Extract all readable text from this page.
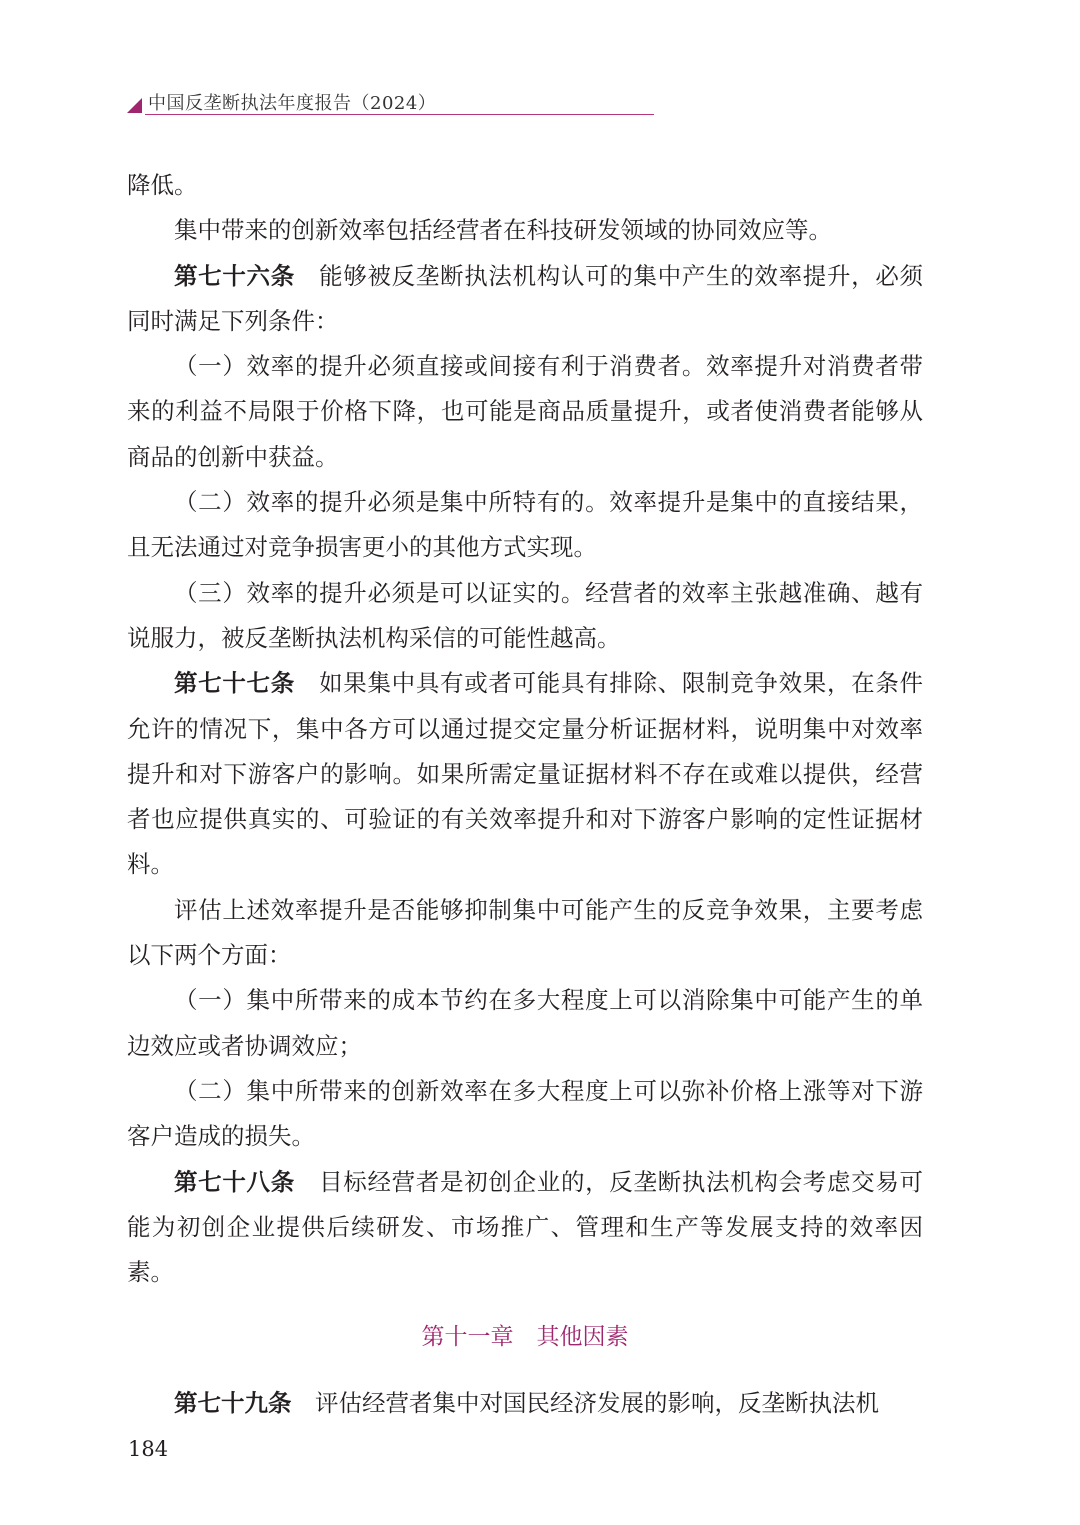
中国反垄断执法年度报告（2024）

降低。

集中带来的创新效率包括经营者在科技研发领域的协同效应等。

第七十六条 能够被反垄断执法机构认可的集中产生的效率提升，必须同时满足下列条件：

（一）效率的提升必须直接或间接有利于消费者。效率提升对消费者带来的利益不局限于价格下降，也可能是商品质量提升，或者使消费者能够从商品的创新中获益。

（二）效率的提升必须是集中所特有的。效率提升是集中的直接结果，且无法通过对竞争损害更小的其他方式实现。

（三）效率的提升必须是可以证实的。经营者的效率主张越准确、越有说服力，被反垄断执法机构采信的可能性越高。

第七十七条 如果集中具有或者可能具有排除、限制竞争效果，在条件允许的情况下，集中各方可以通过提交定量分析证据材料，说明集中对效率提升和对下游客户的影响。如果所需定量证据材料不存在或难以提供，经营者也应提供真实的、可验证的有关效率提升和对下游客户影响的定性证据材料。

评估上述效率提升是否能够抑制集中可能产生的反竞争效果，主要考虑以下两个方面：

（一）集中所带来的成本节约在多大程度上可以消除集中可能产生的单边效应或者协调效应；

（二）集中所带来的创新效率在多大程度上可以弥补价格上涨等对下游客户造成的损失。

第七十八条 目标经营者是初创企业的，反垄断执法机构会考虑交易可能为初创企业提供后续研发、市场推广、管理和生产等发展支持的效率因素。

第十一章　其他因素

第七十九条 评估经营者集中对国民经济发展的影响，反垄断执法机

184
